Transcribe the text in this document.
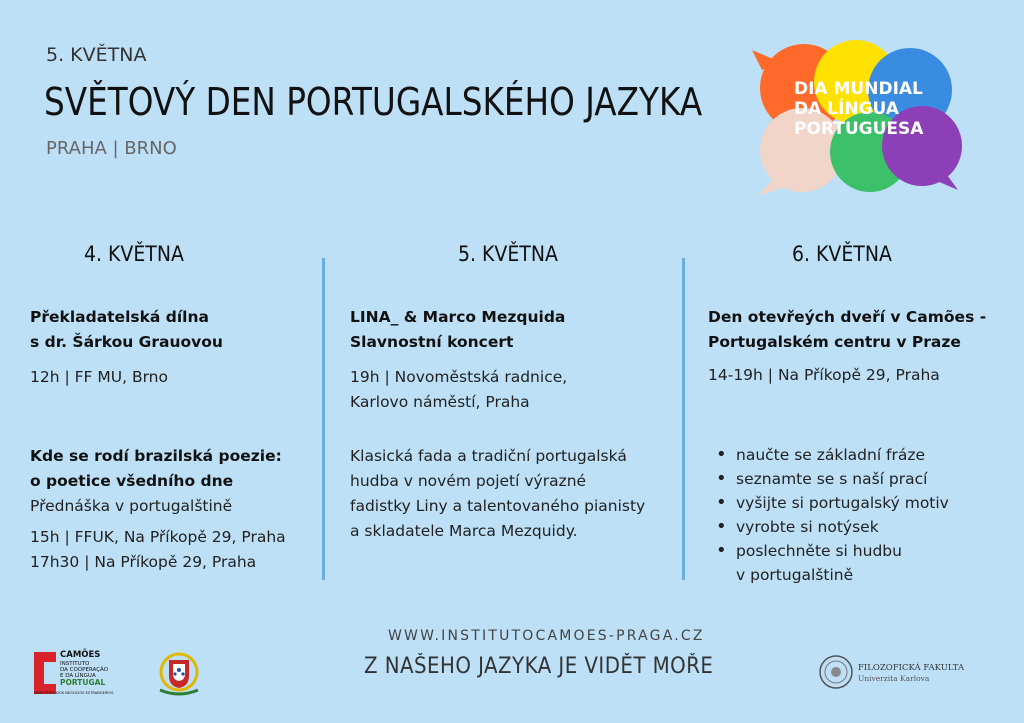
5. KVĚTNA
SVĚTOVÝ DEN PORTUGALSKÉHO JAZYKA
PRAHA | BRNO
DIA MUNDIAL
DA LÍNGUA
PORTUGUESA
4. KVĚTNA
Překladatelská dílna
s dr. Šárkou Grauovou
12h | FF MU, Brno
Kde se rodí brazilská poezie:
o poetice všedního dne
Přednáška v portugalštině
15h | FFUK, Na Příkopě 29, Praha
17h30 | Na Příkopě 29, Praha
5. KVĚTNA
LINA_ & Marco Mezquida
Slavnostní koncert
19h | Novoměstská radnice,
Karlovo náměstí, Praha
Klasická fada a tradiční portugalská
hudba v novém pojetí výrazné
fadistky Liny a talentovaného pianisty
a skladatele Marca Mezquidy.
6. KVĚTNA
Den otevřeých dveří v Camões -
Portugalském centru v Praze
14-19h | Na Příkopě 29, Praha
• naučte se základní fráze
• seznamte se s naší prací
• vyšijte si portugalský motiv
• vyrobte si notýsek
• poslechněte si hudbu
v portugalštině
WWW.INSTITUTOCAMOES-PRAGA.CZ
Z NAŠEHO JAZYKA JE VIDĚT MOŘE
CAMÕES
INSTITUTO
DA COOPERAÇÃO
E DA LÍNGUA
PORTUGAL
MINISTÉRIO DOS NEGÓCIOS ESTRANGEIROS
FILOZOFICKÁ FAKULTA
Univerzita Karlova
